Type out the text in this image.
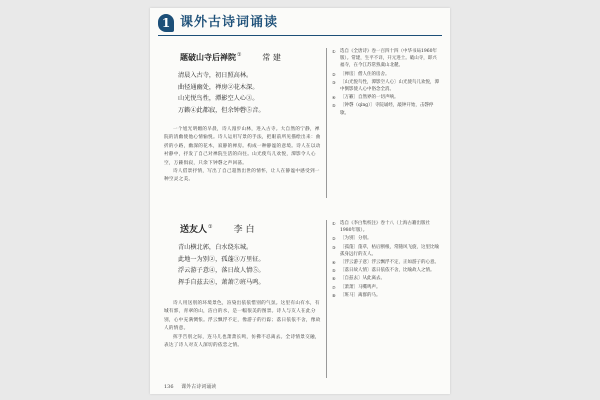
1 课外古诗词诵读
题破山寺后禅院①	常 建
清晨入古寺，初日照高林。
曲径通幽处，禅房②花木深。
山光悦鸟性，潭影空人心③。
万籁④此都寂，但余钟磬⑤音。
一个旭光明媚的早晨，诗人漫步山林，进入古寺。大自然的宁静，禅院的清幽使他心情愉悦。诗人运用写景的手法，把眼前所见描绘出来：曲折的小路，幽深的花木，寂静的禅房。构成一种静谧的意境。诗人在以动衬静中，抒发了自己对禅院生活的向往。山光使鸟儿欢悦，潭影令人心空，万籁俱寂，只余下钟磬之声回荡。
诗人借景抒情，写出了自己超然出世的情怀，让人在静谧中感受到一种空灵之美。
① 选自《全唐诗》卷一百四十四（中华书局1960年版）。常建，生平不详，开元进士。破山寺，即兴福寺，在今江苏常熟虞山北麓。
② 〔禅房〕僧人住的房舍。
③ 〔山光悦鸟性，潭影空人心〕山光使鸟儿欢悦，潭中倒影使人心中俗念全消。
④ 〔万籁〕自然界的一切声响。
⑤ 〔钟磬（qìng）〕寺院诵经，敲钟开始，击磬停歇。
送友人① 李 白
青山横北郭，白水绕东城。
此地一为别②，孤蓬③万里征。
浮云游子意④，落日故人情⑤。
挥手自兹去⑥，萧萧⑦班马鸣。
诗人用送别的环境景色，渲染出依依惜别的气氛。这里有山有水，有城有郭，青翠的山，洁白的水，是一幅很美的图景。诗人与友人在此分别，心中充满惆怅。浮云飘浮不定，像游子的行踪；落日依依不舍，像故人的情意。
挥手告别之际，连马儿也萧萧长鸣，仿佛不忍离去。全诗情景交融，表达了诗人对友人深切的依恋之情。
① 选自《李白集校注》卷十八（上海古籍出版社1980年版）。
② 〔为别〕分别。
③ 〔孤蓬〕蓬草，枯后断根，常随风飞旋，这里比喻孤身远行的友人。
④ 〔浮云游子意〕浮云飘浮不定，正如游子的心意。
⑤ 〔落日故人情〕落日依依不舍，比喻故人之情。
⑥ 〔自兹去〕从此离去。
⑦ 〔萧萧〕马嘶鸣声。
⑧ 〔班马〕离群的马。
136 课外古诗词诵读
